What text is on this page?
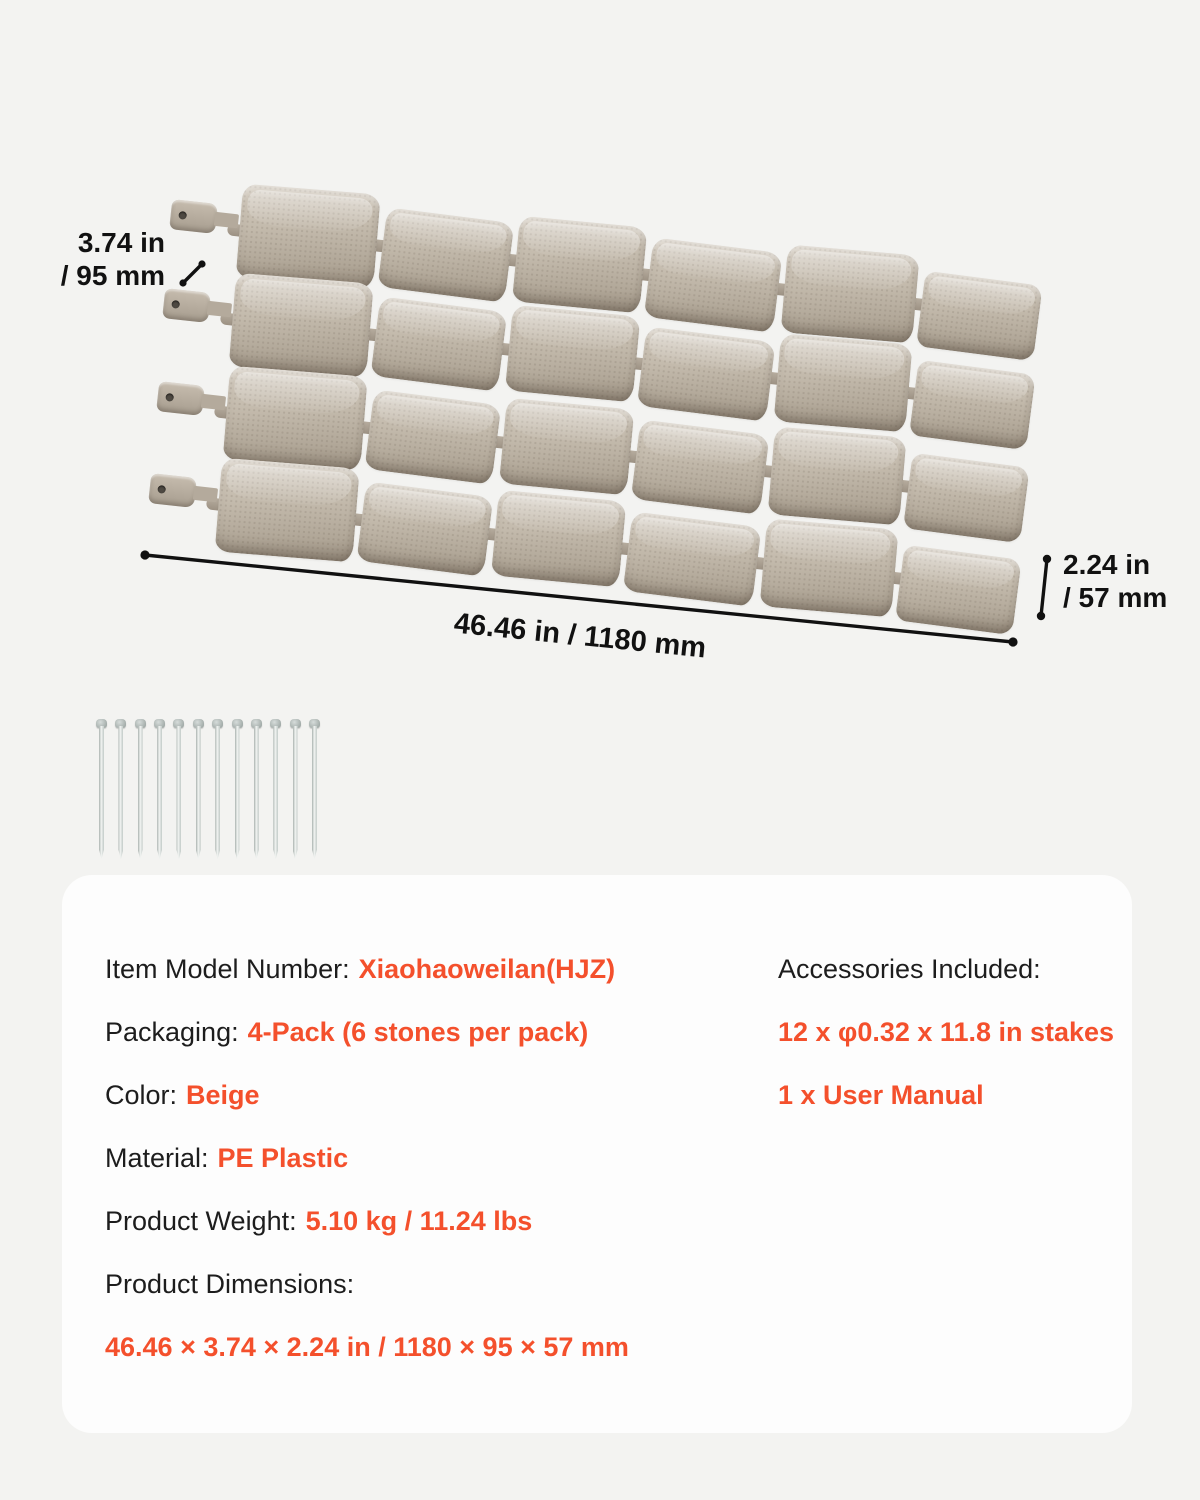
3.74 in
/ 95 mm
46.46 in / 1180 mm
2.24 in
/ 57 mm

Item Model Number: Xiaohaoweilan(HJZ)

Packaging: 4-Pack (6 stones per pack)

Color: Beige

Material: PE Plastic

Product Weight: 5.10 kg / 11.24 lbs

Product Dimensions:

46.46 × 3.74 × 2.24 in / 1180 × 95 × 57 mm

Accessories Included:

12 x φ0.32 x 11.8 in stakes

1 x User Manual
